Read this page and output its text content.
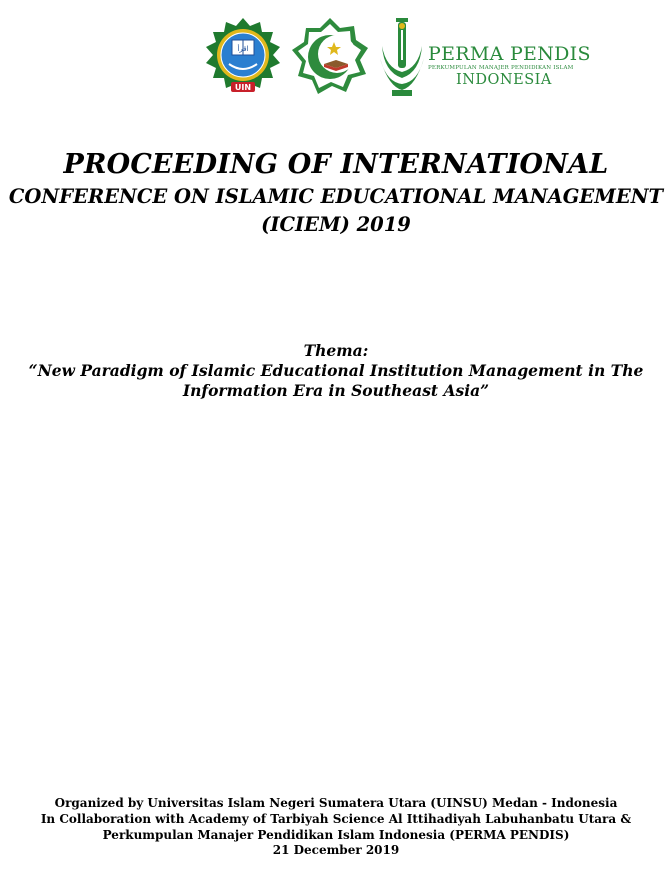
اقرأ
UIN
PERMA PENDIS
PERKUMPULAN MANAJER PENDIDIKAN ISLAM
INDONESIA
PROCEEDING OF INTERNATIONAL
CONFERENCE ON ISLAMIC EDUCATIONAL MANAGEMENT
(ICIEM) 2019
Thema:
“New Paradigm of Islamic Educational Institution Management in The
Information Era in Southeast Asia”
Organized by Universitas Islam Negeri Sumatera Utara (UINSU) Medan - Indonesia
In Collaboration with Academy of Tarbiyah Science Al Ittihadiyah Labuhanbatu Utara &
Perkumpulan Manajer Pendidikan Islam Indonesia (PERMA PENDIS)
21 December 2019
